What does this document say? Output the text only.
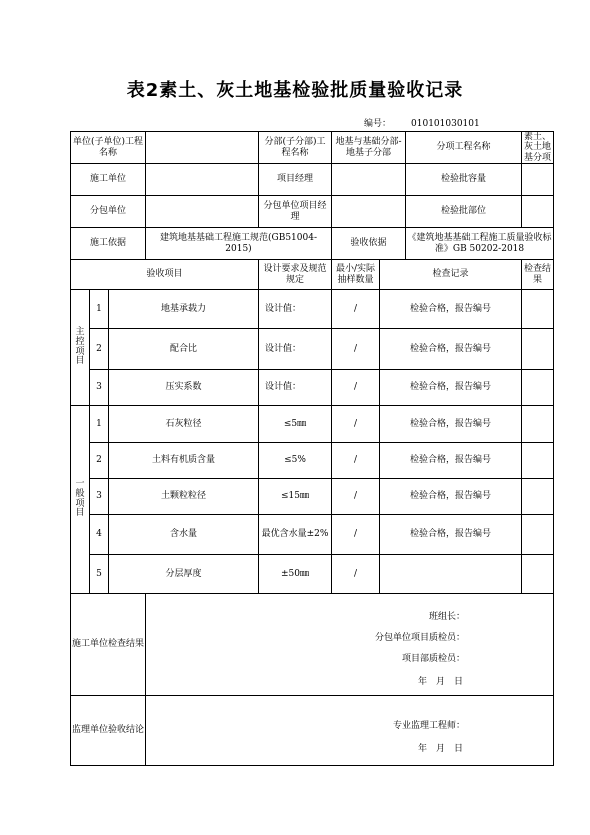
表2素土、灰土地基检验批质量验收记录
编号： 010101030101
单位(子单位)工程名称				分部(子分部)工程名称	地基与基础分部-地基子分部		分项工程名称	素土、灰土地基分项
施工单位				项目经理			检验批容量	
分包单位				分包单位项目经理			检验批部位	
施工依据			建筑地基基础工程施工规范(GB51004-2015)		验收依据		《建筑地基基础工程施工质量验收标准》GB 50202-2018	
验收项目				设计要求及规范规定	最小/实际抽样数量	检查记录		检查结果

主
控
项
目	1	地基承载力		设计值：	/	检验合格，报告编号		
	2	配合比		设计值：	/	检验合格，报告编号		
	3	压实系数		设计值：	/	检验合格，报告编号		

一
般
项
目	1	石灰粒径		≤5㎜	/	检验合格，报告编号		
	2	土料有机质含量		≤5%	/	检验合格，报告编号		
	3	土颗粒粒径		≤15㎜	/	检验合格，报告编号		
	4	含水量		最优含水量±2%	/	检验合格，报告编号		
	5	分层厚度		±50㎜	/			
施工单位检查结果			班组长：
分包单位项目质检员：
项目部质检员：
年　月　日					

监理单位验收结论			专业监理工程师：
年　月　日					
